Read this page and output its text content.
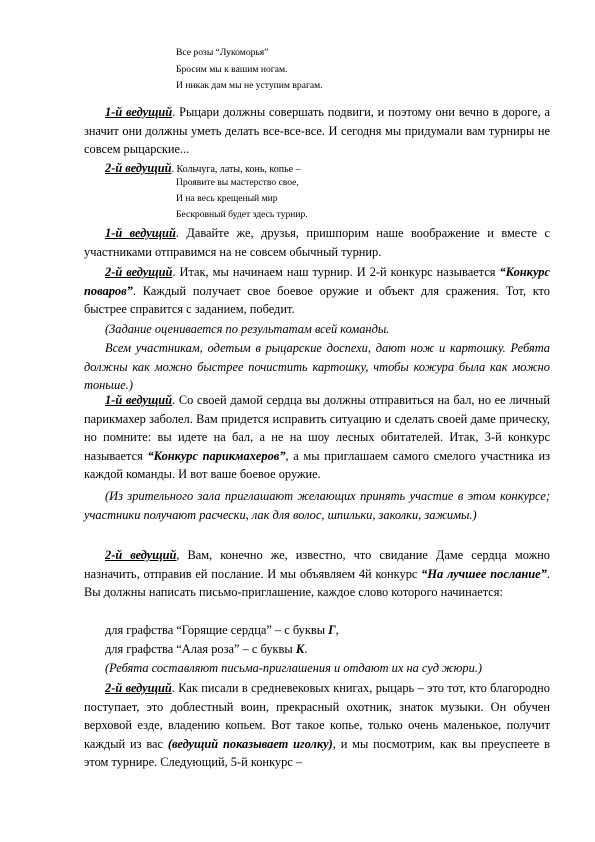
Все розы “Лукоморья”
Бросим мы к вашим ногам.
И никак дам мы не уступим врагам.

1-й ведущий. Рыцари должны совершать подвиги, и поэтому они вечно в дороге, а значит они должны уметь делать все-все-все. И сегодня мы придумали вам турниры не совсем рыцарские...

2-й ведущий. Кольчуга, латы, конь, копье –

Проявите вы мастерство свое,
И на весь крещеный мир
Бескровный будет здесь турнир.

1-й ведущий. Давайте же, друзья, пришпорим наше воображение и вместе с участниками отправимся на не совсем обычный турнир.

2-й ведущий. Итак, мы начинаем наш турнир. И 2-й конкурс называется “Конкурс поваров”. Каждый получает свое боевое оружие и объект для сражения. Тот, кто быстрее справится с заданием, победит.

(Задание оценивается по результатам всей команды.

Всем участникам, одетым в рыцарские доспехи, дают нож и картошку. Ребята должны как можно быстрее почистить картошку, чтобы кожура была как можно тоньше.)

1-й ведущий. Со своей дамой сердца вы должны отправиться на бал, но ее личный парикмахер заболел. Вам придется исправить ситуацию и сделать своей даме прическу, но помните: вы идете на бал, а не на шоу лесных обитателей. Итак, 3-й конкурс называется “Конкурс парикмахеров”, а мы приглашаем самого смелого участника из каждой команды. И вот ваше боевое оружие.

(Из зрительного зала приглашают желающих принять участие в этом конкурсе; участники получают расчески, лак для волос, шпильки, заколки, зажимы.)

2-й ведущий, Вам, конечно же, известно, что свидание Даме сердца можно назначить, отправив ей послание. И мы объявляем 4й конкурс “На лучшее послание”. Вы должны написать письмо-приглашение, каждое слово которого начинается:

для графства “Горящие сердца” – с буквы Г,

для графства “Алая роза” – с буквы К.

(Ребята составляют письма-приглашения и отдают их на суд жюри.)

2-й ведущий. Как писали в средневековых книгах, рыцарь – это тот, кто благородно поступает, это доблестный воин, прекрасный охотник, знаток музыки. Он обучен верховой езде, владению копьем. Вот такое копье, только очень маленькое, получит каждый из вас (ведущий показывает иголку), и мы посмотрим, как вы преуспеете в этом турнире. Следующий, 5-й конкурс –
